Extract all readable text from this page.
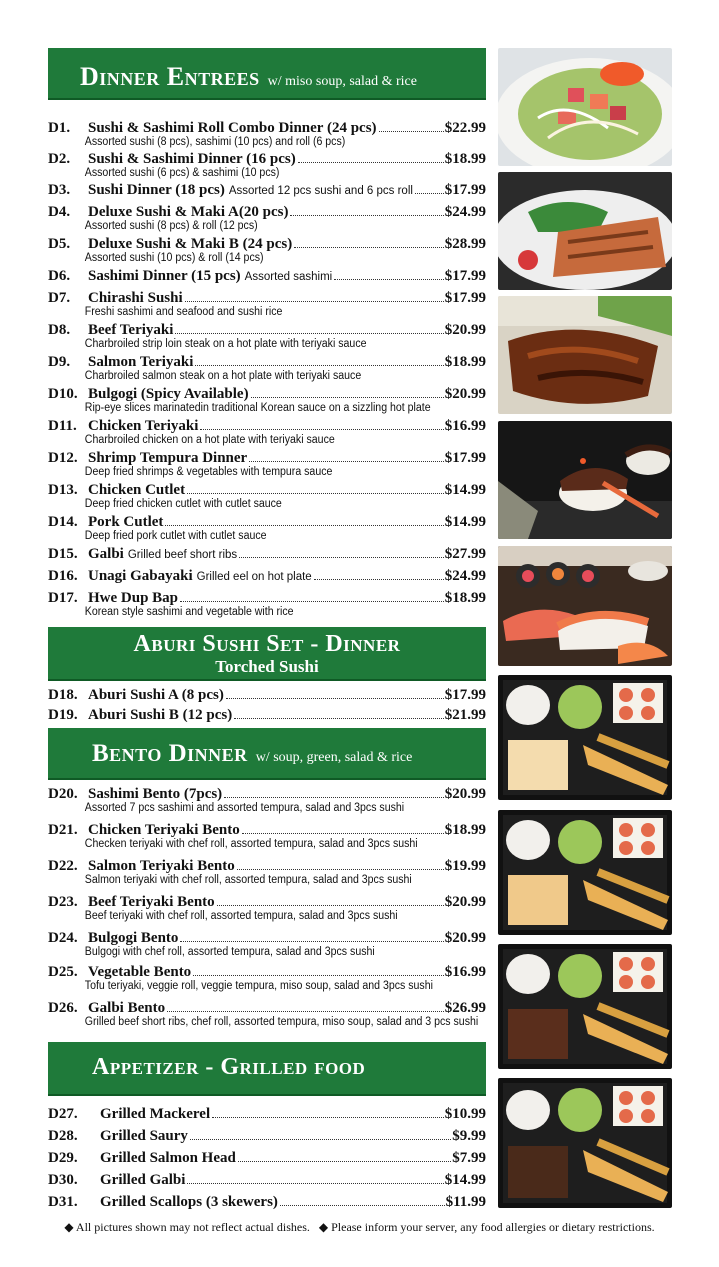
Dinner Entrees w/ miso soup, salad & rice
D1.	Sushi & Sashimi Roll Combo Dinner (24 pcs)	$22.99
Assorted sushi (8 pcs), sashimi (10 pcs) and roll (6 pcs)
D2.	Sushi & Sashimi Dinner (16 pcs)	$18.99
Assorted sushi (6 pcs) & sashimi (10 pcs)
D3.	Sushi Dinner (18 pcs) Assorted 12 pcs sushi and 6 pcs roll $17.99
D4.	Deluxe Sushi & Maki A(20 pcs)	$24.99
Assorted sushi (8 pcs) & roll (12 pcs)
D5.	Deluxe Sushi & Maki B (24 pcs)	$28.99
Assorted sushi (10 pcs) & roll (14 pcs)
D6.	Sashimi Dinner (15 pcs) Assorted sashimi	$17.99
D7.	Chirashi Sushi	$17.99
Freshi sashimi and seafood and sushi rice
D8.	Beef Teriyaki	$20.99
Charbroiled strip loin steak on a hot plate with teriyaki sauce
D9.	Salmon Teriyaki	$18.99
Charbroiled salmon steak on a hot plate with teriyaki sauce
D10. Bulgogi (Spicy Available)	$20.99
Rip-eye slices marinatedin traditional Korean sauce on a sizzling hot plate
D11. Chicken Teriyaki	$16.99
Charbroiled chicken on a hot plate with teriyaki sauce
D12. Shrimp Tempura Dinner	$17.99
Deep fried shrimps & vegetables with tempura sauce
D13. Chicken Cutlet	$14.99
Deep fried chicken cutlet with cutlet sauce
D14. Pork Cutlet	$14.99
Deep fried pork cutlet with cutlet sauce
D15. Galbi Grilled beef short ribs	$27.99
D16. Unagi Gabayaki Grilled eel on hot plate	$24.99
D17. Hwe Dup Bap	$18.99
Korean style sashimi and vegetable with rice
Aburi Sushi Set - Dinner
Torched Sushi
D18. Aburi Sushi A (8 pcs)	$17.99
D19. Aburi Sushi B (12 pcs)	$21.99
Bento Dinner w/ soup, green, salad & rice
D20. Sashimi Bento (7pcs)	$20.99
Assorted 7 pcs sashimi and assorted tempura, salad and 3pcs sushi
D21. Chicken Teriyaki Bento	$18.99
Checken teriyaki with chef roll, assorted tempura, salad and 3pcs sushi
D22. Salmon Teriyaki Bento	$19.99
Salmon teriyaki with chef roll, assorted tempura, salad and 3pcs sushi
D23. Beef Teriyaki Bento	$20.99
Beef teriyaki with chef roll, assorted tempura, salad and 3pcs sushi
D24. Bulgogi Bento	$20.99
Bulgogi with chef roll, assorted tempura, salad and 3pcs sushi
D25. Vegetable Bento	$16.99
Tofu teriyaki, veggie roll, veggie tempura, miso soup, salad and 3pcs sushi
D26. Galbi Bento	$26.99
Grilled beef short ribs, chef roll, assorted tempura, miso soup, salad and 3 pcs sushi
Appetizer - Grilled food
D27.	Grilled Mackerel	$10.99
D28.	Grilled Saury	$9.99
D29.	Grilled Salmon Head	$7.99
D30.	Grilled Galbi	$14.99
D31.	Grilled Scallops (3 skewers)	$11.99
◆ All pictures shown may not reflect actual dishes. ◆ Please inform your server, any food allergies or dietary restrictions.
